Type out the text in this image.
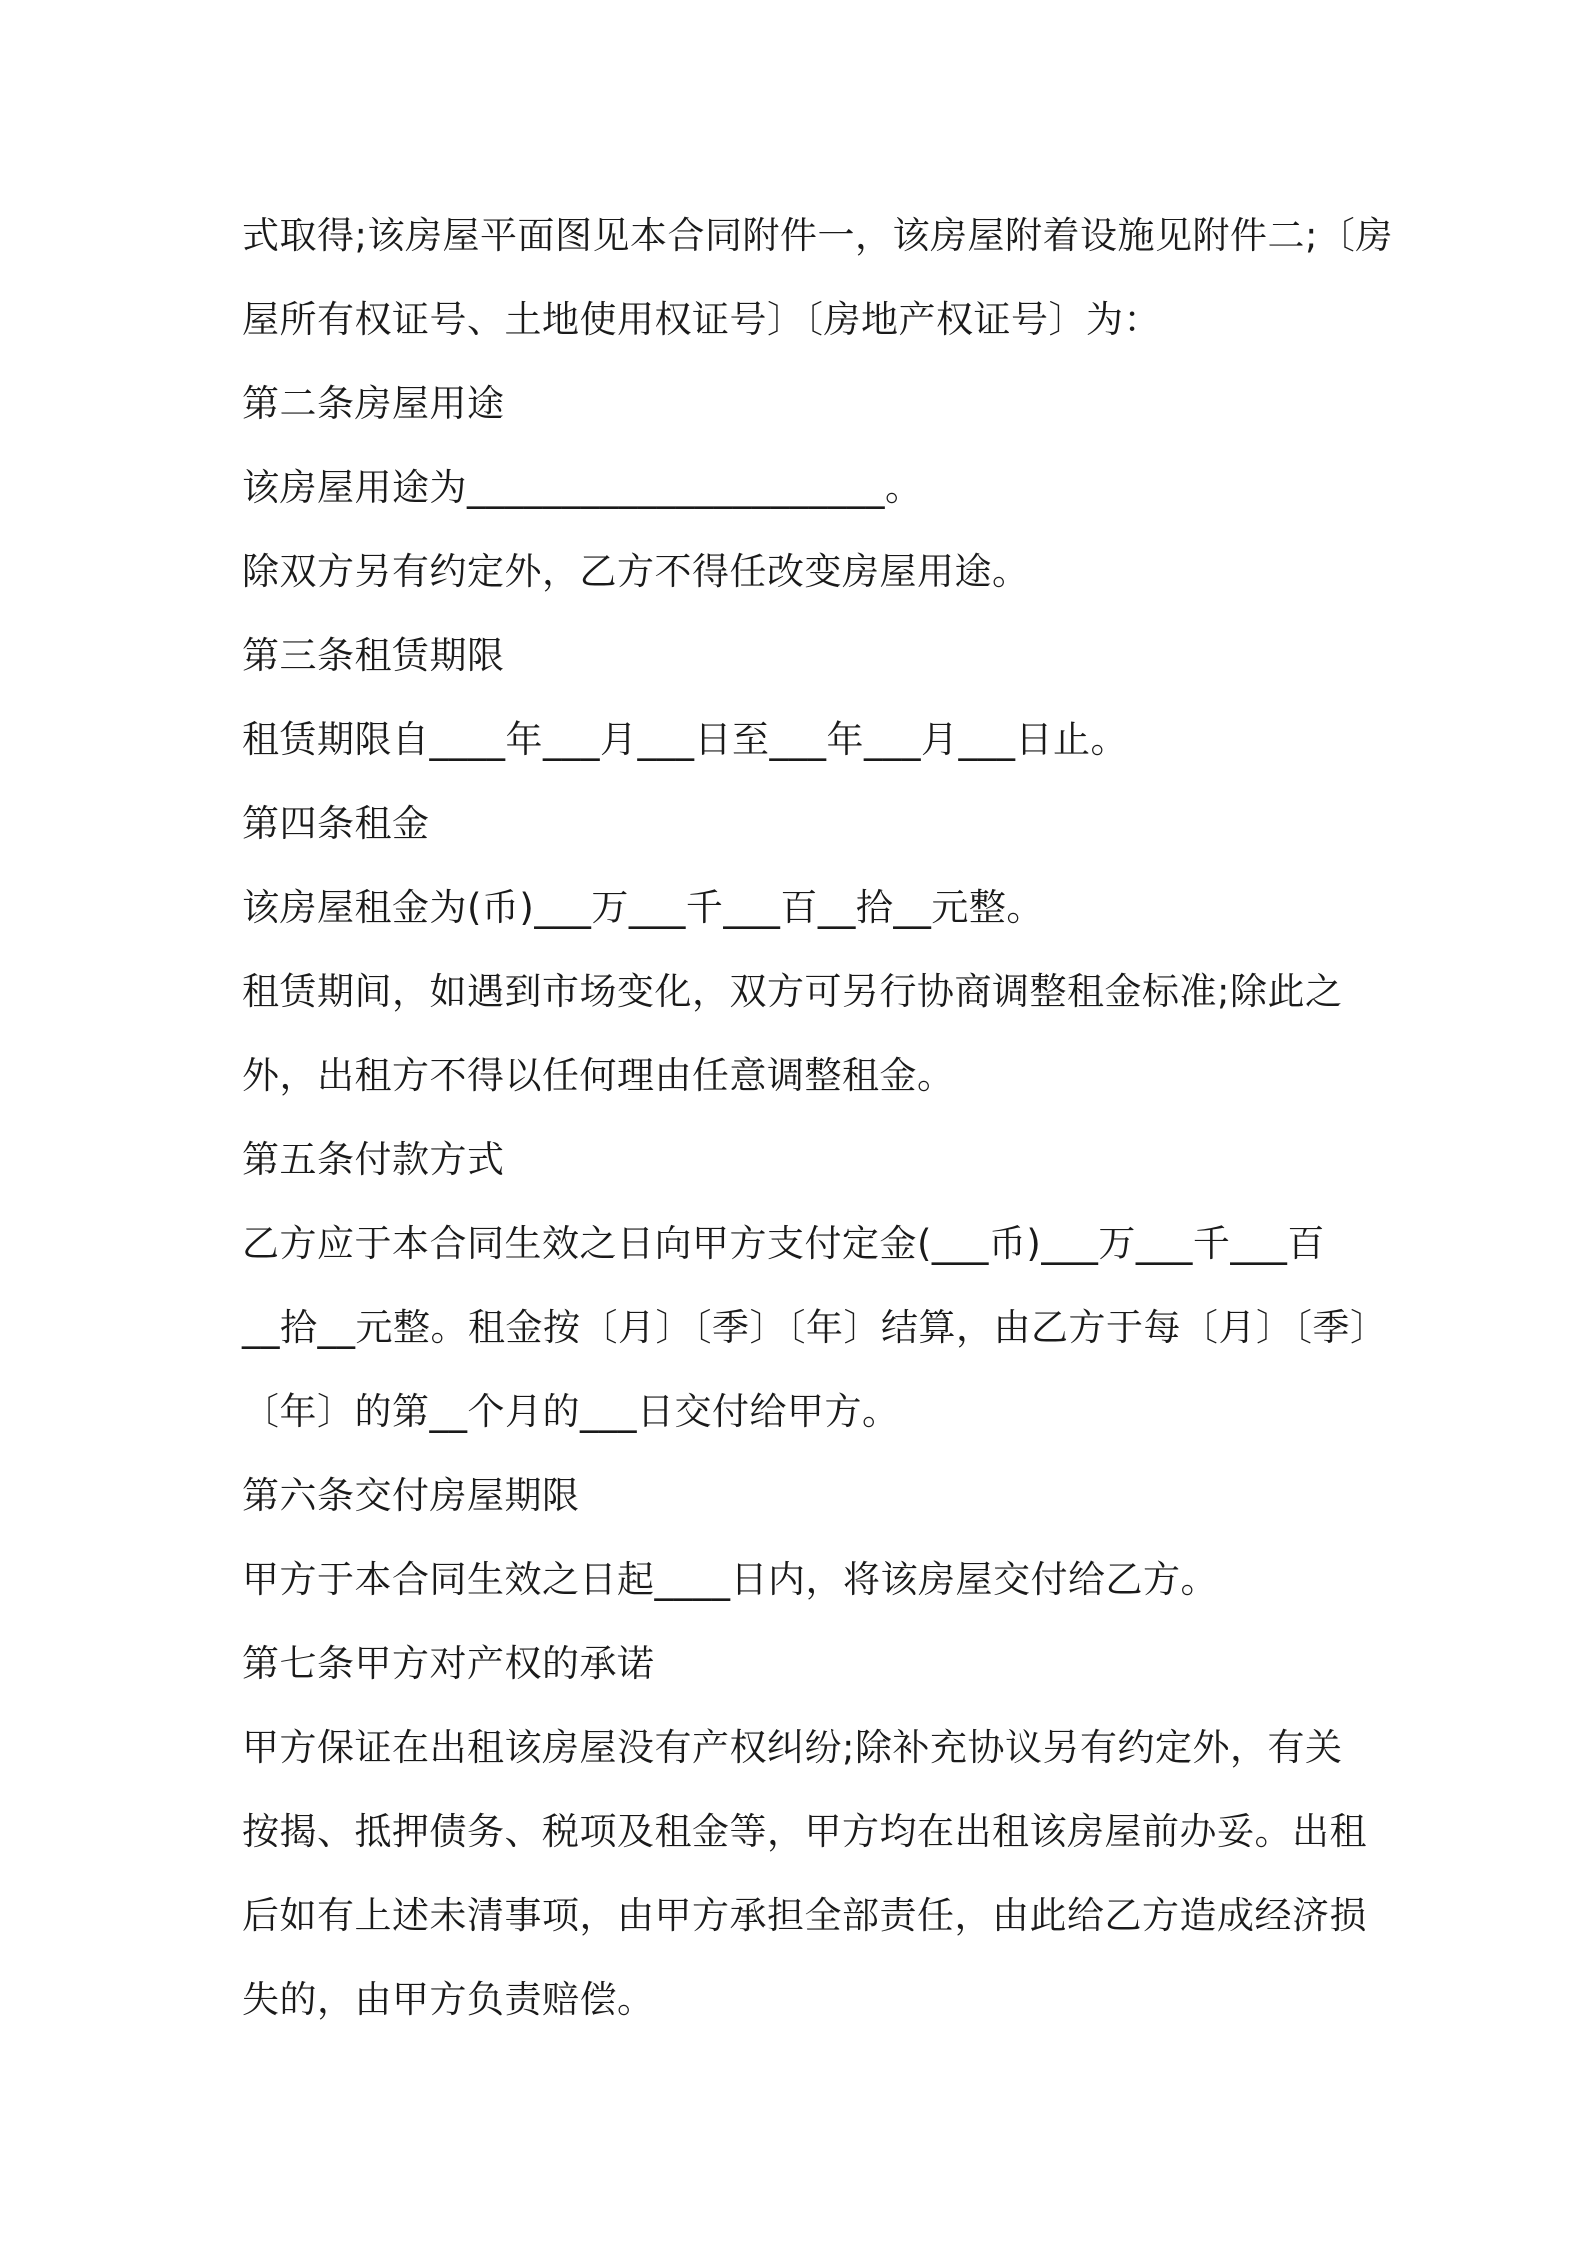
式取得;该房屋平面图见本合同附件一，该房屋附着设施见附件二;〔房
屋所有权证号、土地使用权证号〕〔房地产权证号〕为：
第二条房屋用途
该房屋用途为______________________。
除双方另有约定外，乙方不得任改变房屋用途。
第三条租赁期限
租赁期限自____年___月___日至___年___月___日止。
第四条租金
该房屋租金为(币)___万___千___百__拾__元整。
租赁期间，如遇到市场变化，双方可另行协商调整租金标准;除此之
外，出租方不得以任何理由任意调整租金。
第五条付款方式
乙方应于本合同生效之日向甲方支付定金(___币)___万___千___百
__拾__元整。租金按〔月〕〔季〕〔年〕结算，由乙方于每〔月〕〔季〕
〔年〕的第__个月的___日交付给甲方。
第六条交付房屋期限
甲方于本合同生效之日起____日内，将该房屋交付给乙方。
第七条甲方对产权的承诺
甲方保证在出租该房屋没有产权纠纷;除补充协议另有约定外，有关
按揭、抵押债务、税项及租金等，甲方均在出租该房屋前办妥。出租
后如有上述未清事项，由甲方承担全部责任，由此给乙方造成经济损
失的，由甲方负责赔偿。
